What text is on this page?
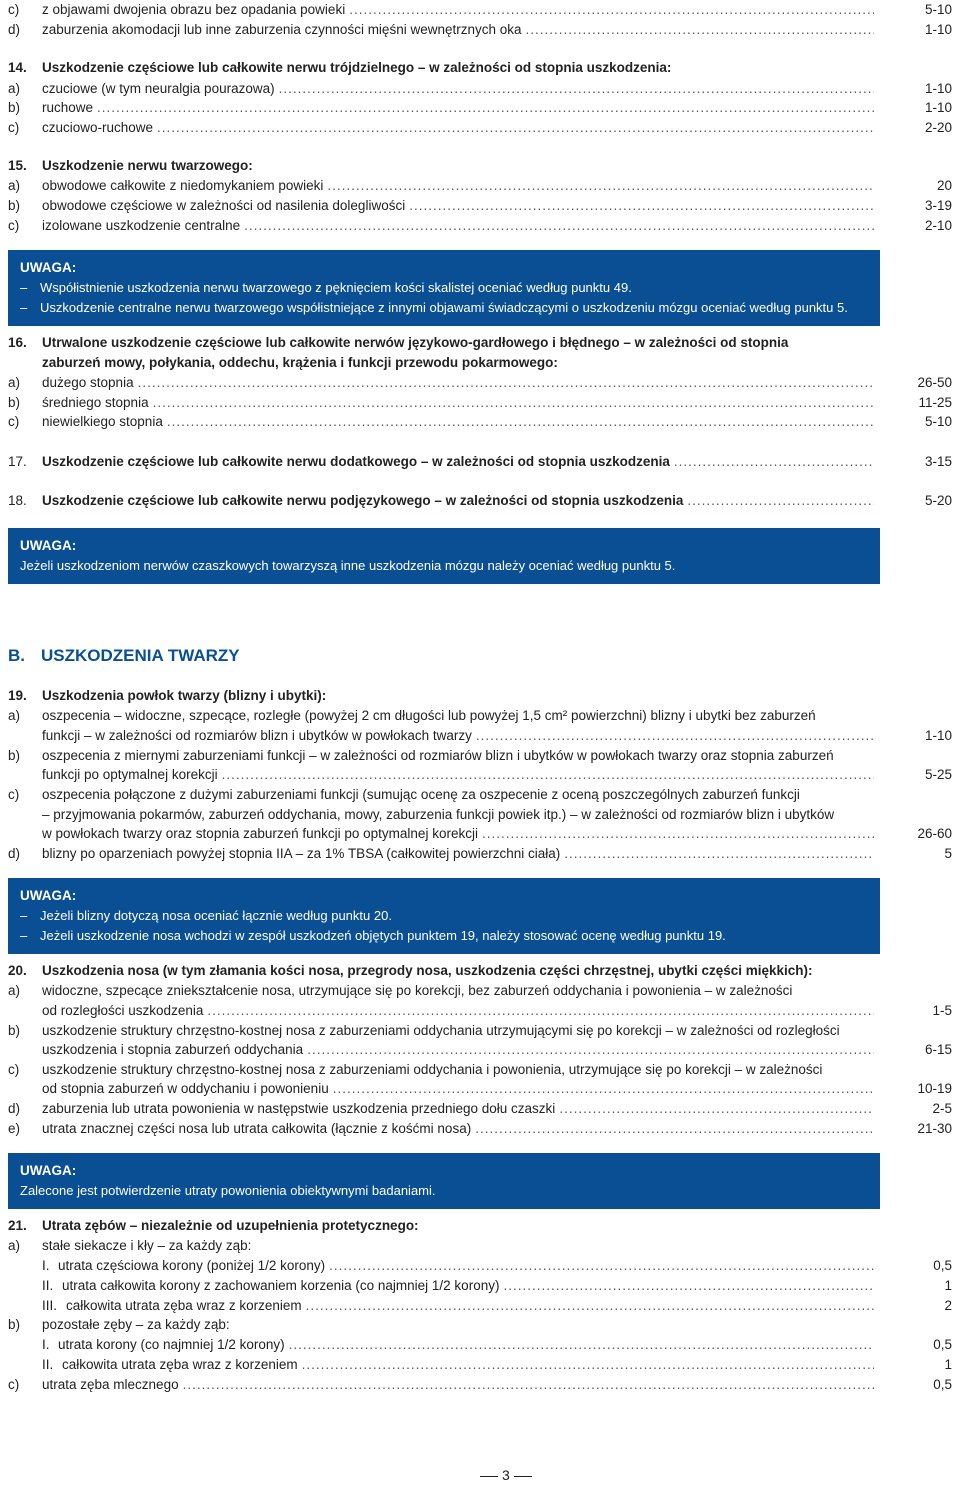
c)	z objawami dwojenia obrazu bez opadania powieki .....	5-10
d)	zaburzenia akomodacji lub inne zaburzenia czynności mięśni wewnętrznych oka .....	1-10
14.	Uszkodzenie częściowe lub całkowite nerwu trójdzielnego – w zależności od stopnia uszkodzenia:
a)	czuciowe (w tym neuralgia pourazowa) .....	1-10
b)	ruchowe .....	1-10
c)	czuciowo-ruchowe .....	2-20
15.	Uszkodzenie nerwu twarzowego:
a)	obwodowe całkowite z niedomykaniem powieki .....	20
b)	obwodowe częściowe w zależności od nasilenia dolegliwości .....	3-19
c)	izolowane uszkodzenie centralne .....	2-10
UWAGA:
– Współistnienie uszkodzenia nerwu twarzowego z pęknięciem kości skalistej oceniać według punktu 49.
– Uszkodzenie centralne nerwu twarzowego współistniejące z innymi objawami świadczącymi o uszkodzeniu mózgu oceniać według punktu 5.
16.	Utrwalone uszkodzenie częściowe lub całkowite nerwów językowo-gardłowego i błędnego – w zależności od stopnia
zaburzeń mowy, połykania, oddechu, krążenia i funkcji przewodu pokarmowego:
a)	dużego stopnia .....	26-50
b)	średniego stopnia .....	11-25
c)	niewielkiego stopnia .....	5-10
17.	Uszkodzenie częściowe lub całkowite nerwu dodatkowego – w zależności od stopnia uszkodzenia .....	3-15
18.	Uszkodzenie częściowe lub całkowite nerwu podjęzykowego – w zależności od stopnia uszkodzenia .....	5-20
UWAGA:
Jeżeli uszkodzeniom nerwów czaszkowych towarzyszą inne uszkodzenia mózgu należy oceniać według punktu 5.
B. USZKODZENIA TWARZY
19.	Uszkodzenia powłok twarzy (blizny i ubytki):
a)	oszpecenia – widoczne, szpecące, rozległe (powyżej 2 cm długości lub powyżej 1,5 cm² powierzchni) blizny i ubytki bez zaburzeń
funkcji – w zależności od rozmiarów blizn i ubytków w powłokach twarzy .....	1-10
b)	oszpecenia z miernymi zaburzeniami funkcji – w zależności od rozmiarów blizn i ubytków w powłokach twarzy oraz stopnia zaburzeń
funkcji po optymalnej korekcji .....	5-25
c)	oszpecenia połączone z dużymi zaburzeniami funkcji (sumując ocenę za oszpecenie z oceną poszczególnych zaburzeń funkcji
– przyjmowania pokarmów, zaburzeń oddychania, mowy, zaburzenia funkcji powiek itp.) – w zależności od rozmiarów blizn i ubytków
w powłokach twarzy oraz stopnia zaburzeń funkcji po optymalnej korekcji .....	26-60
d)	blizny po oparzeniach powyżej stopnia IIA – za 1% TBSA (całkowitej powierzchni ciała) .....	5
UWAGA:
– Jeżeli blizny dotyczą nosa oceniać łącznie według punktu 20.
– Jeżeli uszkodzenie nosa wchodzi w zespół uszkodzeń objętych punktem 19, należy stosować ocenę według punktu 19.
20.	Uszkodzenia nosa (w tym złamania kości nosa, przegrody nosa, uszkodzenia części chrzęstnej, ubytki części miękkich):
a)	widoczne, szpecące zniekształcenie nosa, utrzymujące się po korekcji, bez zaburzeń oddychania i powonienia – w zależności
od rozległości uszkodzenia .....	1-5
b)	uszkodzenie struktury chrzęstno-kostnej nosa z zaburzeniami oddychania utrzymującymi się po korekcji – w zależności od rozległości
uszkodzenia i stopnia zaburzeń oddychania .....	6-15
c)	uszkodzenie struktury chrzęstno-kostnej nosa z zaburzeniami oddychania i powonienia, utrzymujące się po korekcji – w zależności
od stopnia zaburzeń w oddychaniu i powonieniu .....	10-19
d)	zaburzenia lub utrata powonienia w następstwie uszkodzenia przedniego dołu czaszki .....	2-5
e)	utrata znacznej części nosa lub utrata całkowita (łącznie z kośćmi nosa) .....	21-30
UWAGA:
Zalecone jest potwierdzenie utraty powonienia obiektywnymi badaniami.
21.	Utrata zębów – niezależnie od uzupełnienia protetycznego:
a)	stałe siekacze i kły – za każdy ząb:
I. utrata częściowa korony (poniżej 1/2 korony) .....	0,5
II. utrata całkowita korony z zachowaniem korzenia (co najmniej 1/2 korony) .....	1
III. całkowita utrata zęba wraz z korzeniem .....	2
b)	pozostałe zęby – za każdy ząb:
I. utrata korony (co najmniej 1/2 korony) .....	0,5
II. całkowita utrata zęba wraz z korzeniem .....	1
c)	utrata zęba mlecznego .....	0,5
3
